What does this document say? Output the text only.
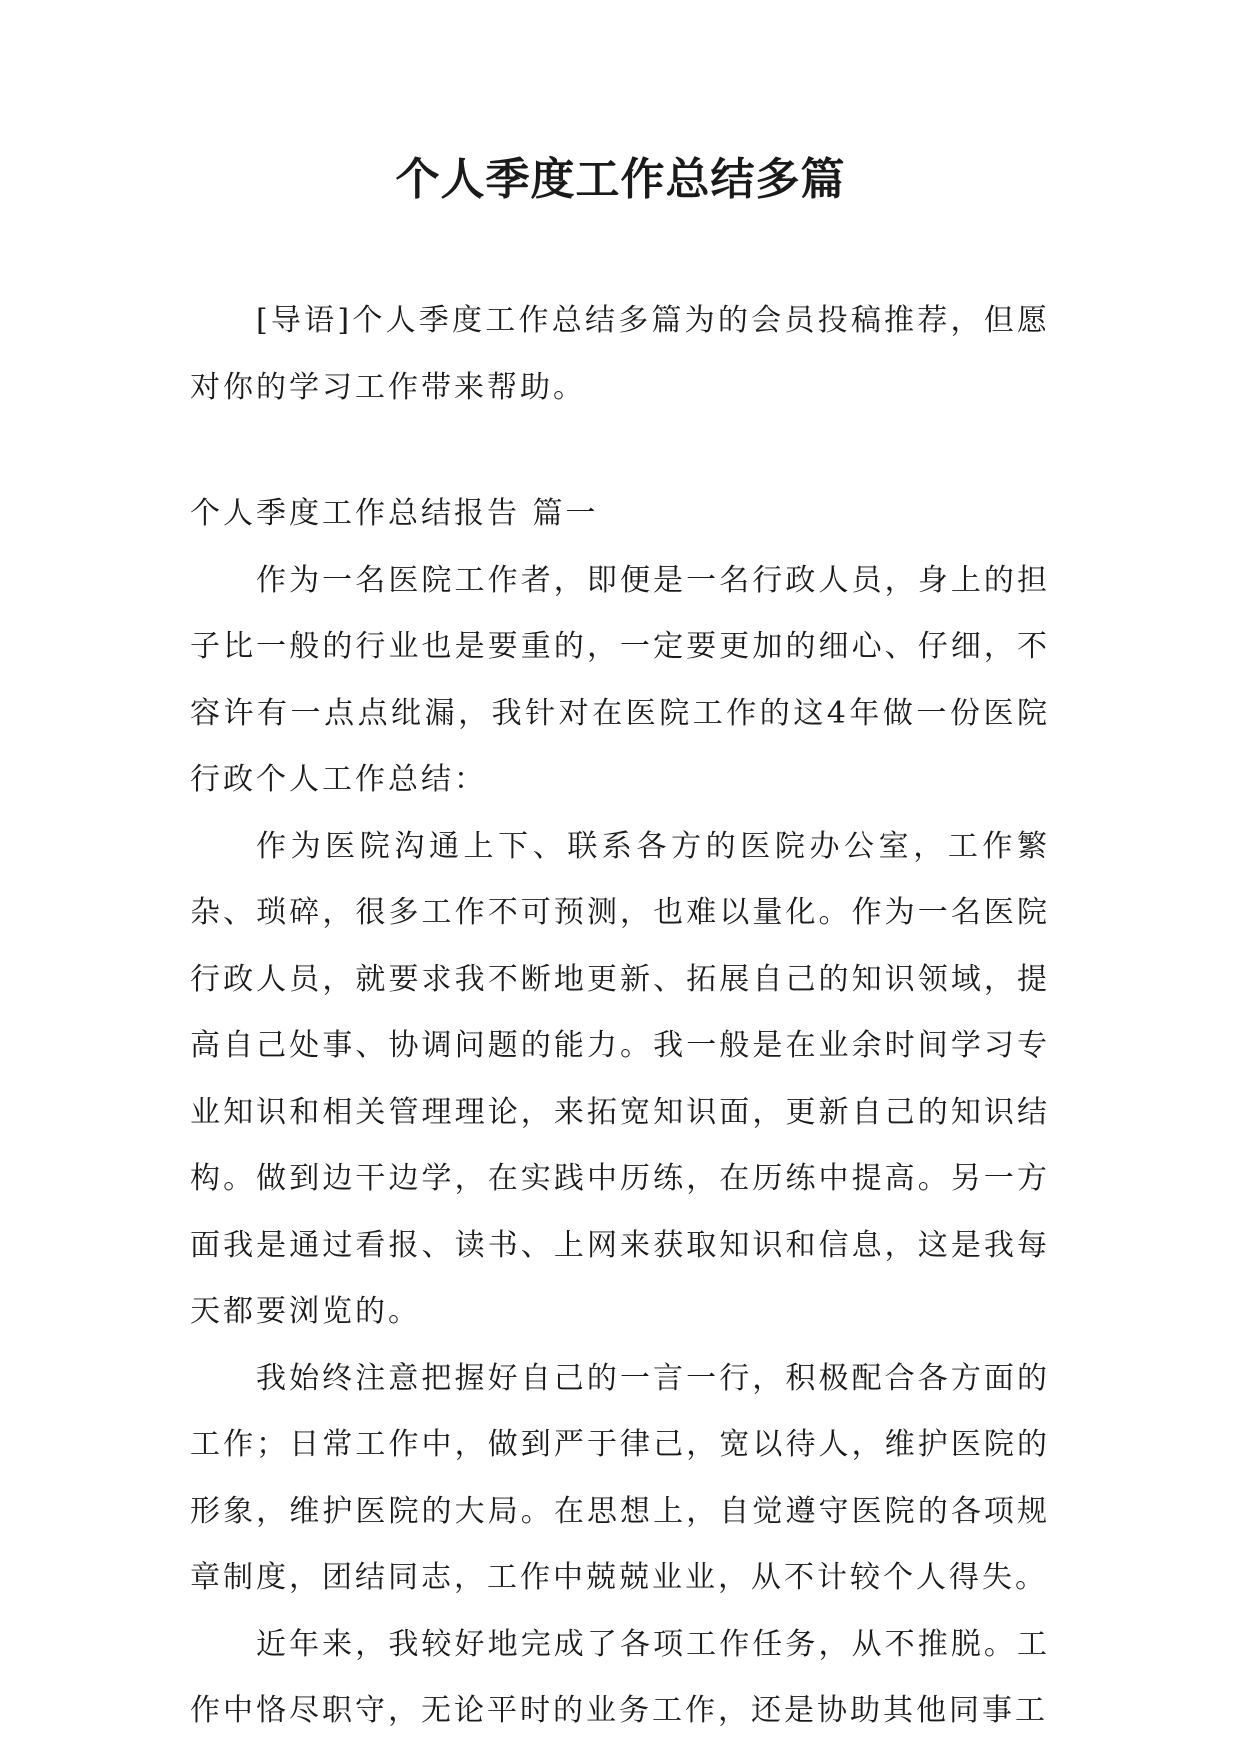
个人季度工作总结多篇

[导语]个人季度工作总结多篇为的会员投稿推荐，但愿对你的学习工作带来帮助。

个人季度工作总结报告 篇一

作为一名医院工作者，即便是一名行政人员，身上的担子比一般的行业也是要重的，一定要更加的细心、仔细，不容许有一点点纰漏，我针对在医院工作的这4年做一份医院行政个人工作总结：

作为医院沟通上下、联系各方的医院办公室，工作繁杂、琐碎，很多工作不可预测，也难以量化。作为一名医院行政人员，就要求我不断地更新、拓展自己的知识领域，提高自己处事、协调问题的能力。我一般是在业余时间学习专业知识和相关管理理论，来拓宽知识面，更新自己的知识结构。做到边干边学，在实践中历练，在历练中提高。另一方面我是通过看报、读书、上网来获取知识和信息，这是我每天都要浏览的。

我始终注意把握好自己的一言一行，积极配合各方面的工作；日常工作中，做到严于律己，宽以待人，维护医院的形象，维护医院的大局。在思想上，自觉遵守医院的各项规章制度，团结同志，工作中兢兢业业，从不计较个人得失。

近年来，我较好地完成了各项工作任务，从不推脱。工作中恪尽职守，无论平时的业务工作，还是协助其他同事工
